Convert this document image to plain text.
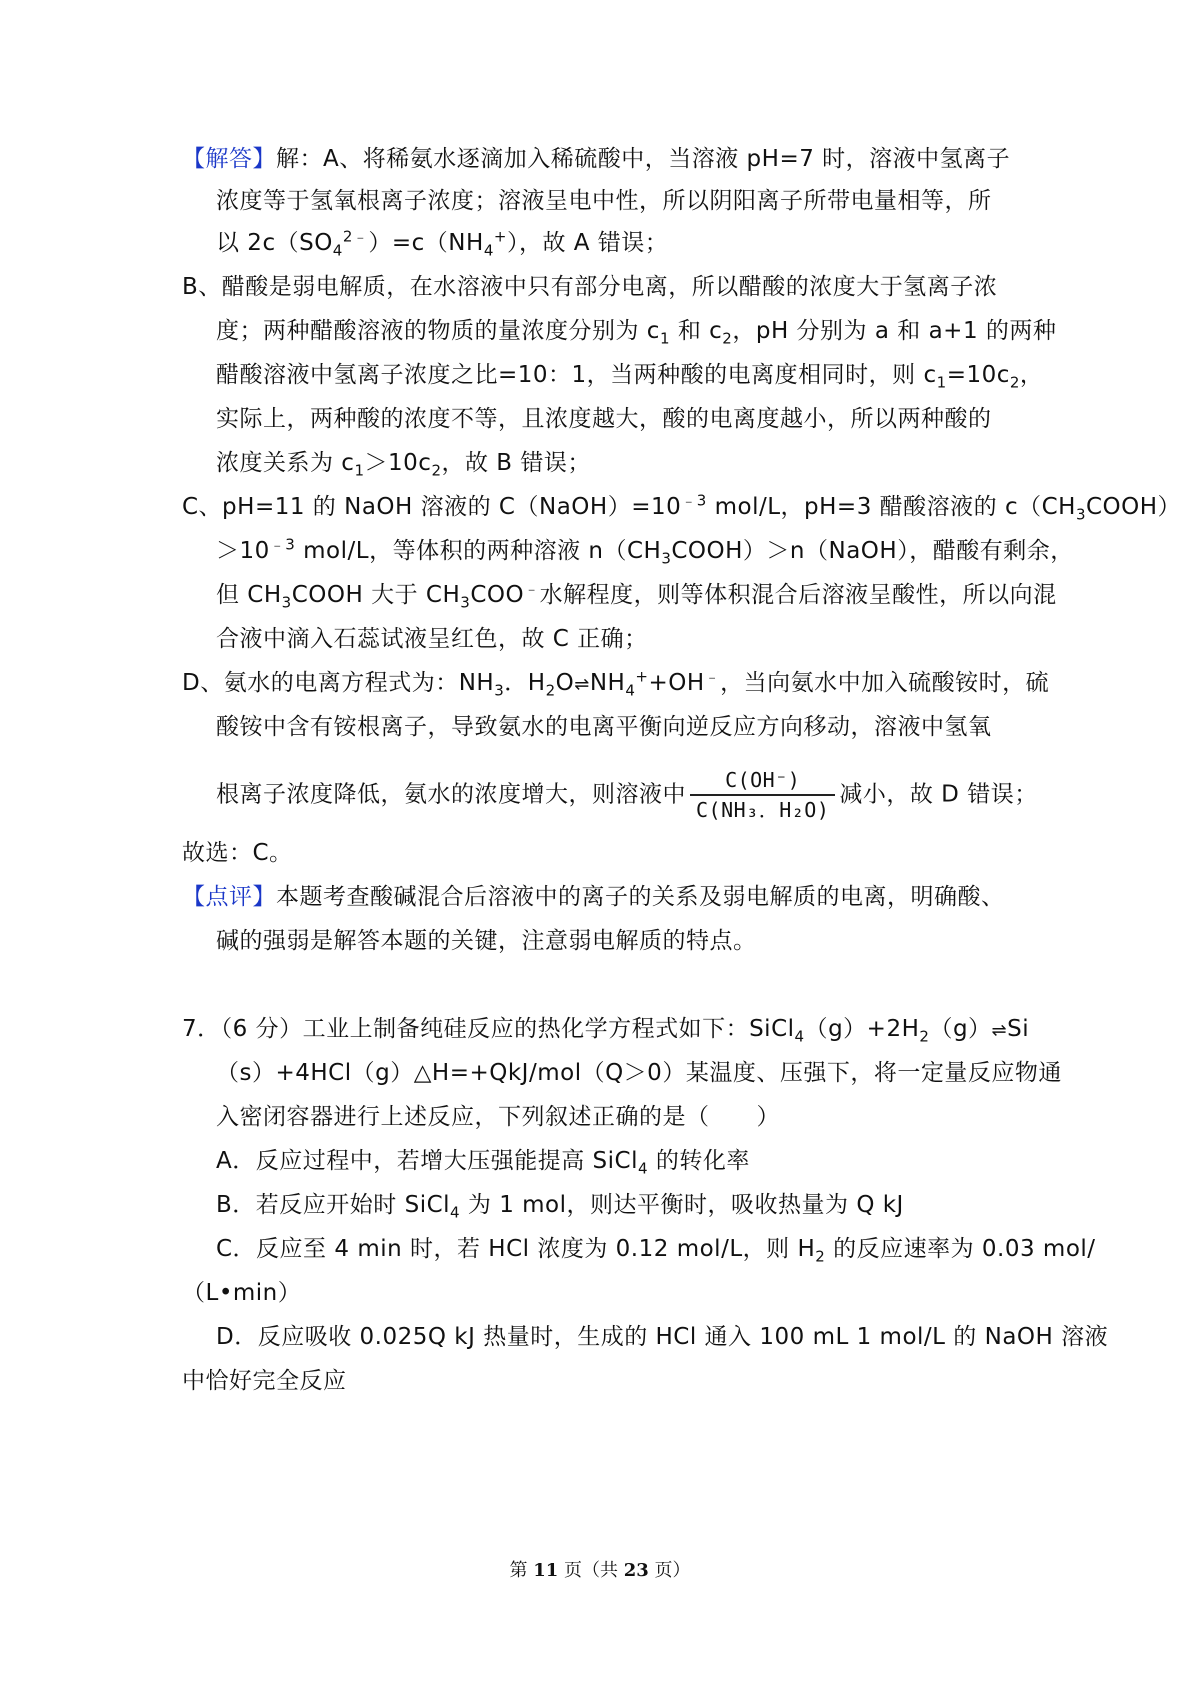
【解答】解：A、将稀氨水逐滴加入稀硫酸中，当溶液 pH=7 时，溶液中氢离子
浓度等于氢氧根离子浓度；溶液呈电中性，所以阴阳离子所带电量相等，所
以 $2c(SO_4^{2﹣})=c(NH_4^+)$，故 A 错误；
B、醋酸是弱电解质，在水溶液中只有部分电离，所以醋酸的浓度大于氢离子浓
度；两种醋酸溶液的物质的量浓度分别为 $c_1$ 和 $c_2$，pH 分别为 a 和 a+1 的两种
醋酸溶液中氢离子浓度之比=10：1，当两种酸的电离度相同时，则 $c_1=10c_2$，
实际上，两种酸的浓度不等，且浓度越大，酸的电离度越小，所以两种酸的
浓度关系为 $c_1>10c_2$，故 B 错误；
C、pH=11 的 NaOH 溶液的 $C(NaOH)=10^{﹣3}$ mol/L，pH=3 醋酸溶液的 $c(CH_3COOH)$
$>10^{﹣3}$ mol/L，等体积的两种溶液 $n(CH_3COOH)>n(NaOH)$，醋酸有剩余，
但 $CH_3COOH$ 大于 $CH_3COO^﹣$水解程度，则等体积混合后溶液呈酸性，所以向混
合液中滴入石蕊试液呈红色，故 C 正确；
D、氨水的电离方程式为：$NH_3$．$H_2O\rightleftharpoons NH_4^++OH^﹣$，当向氨水中加入硫酸铵时，硫
酸铵中含有铵根离子，导致氨水的电离平衡向逆反应方向移动，溶液中氢氧
根离子浓度降低，氨水的浓度增大，则溶液中 $\frac{C(OH^-)}{\text{C(NH₃．H₂O)}}$ 减小，故 D 错误；
故选：C。
【点评】本题考查酸碱混合后溶液中的离子的关系及弱电解质的电离，明确酸、
碱的强弱是解答本题的关键，注意弱电解质的特点。
7．（6 分）工业上制备纯硅反应的热化学方程式如下：$SiCl_4(g)+2H_2(g)\rightleftharpoons Si$
（s）+4HCl（g）△H=+QkJ/mol（Q＞0）某温度、压强下，将一定量反应物通
入密闭容器进行上述反应，下列叙述正确的是（　　）
A．反应过程中，若增大压强能提高 SiCl$_4$ 的转化率
B．若反应开始时 SiCl$_4$ 为 1 mol，则达平衡时，吸收热量为 Q kJ
C．反应至 4 min 时，若 HCl 浓度为 0.12 mol/L，则 $H_2$ 的反应速率为 0.03 mol/
（L•min）
D．反应吸收 0.025Q kJ 热量时，生成的 HCl 通入 100 mL 1 mol/L 的 NaOH 溶液
中恰好完全反应
第 11 页（共 23 页）
